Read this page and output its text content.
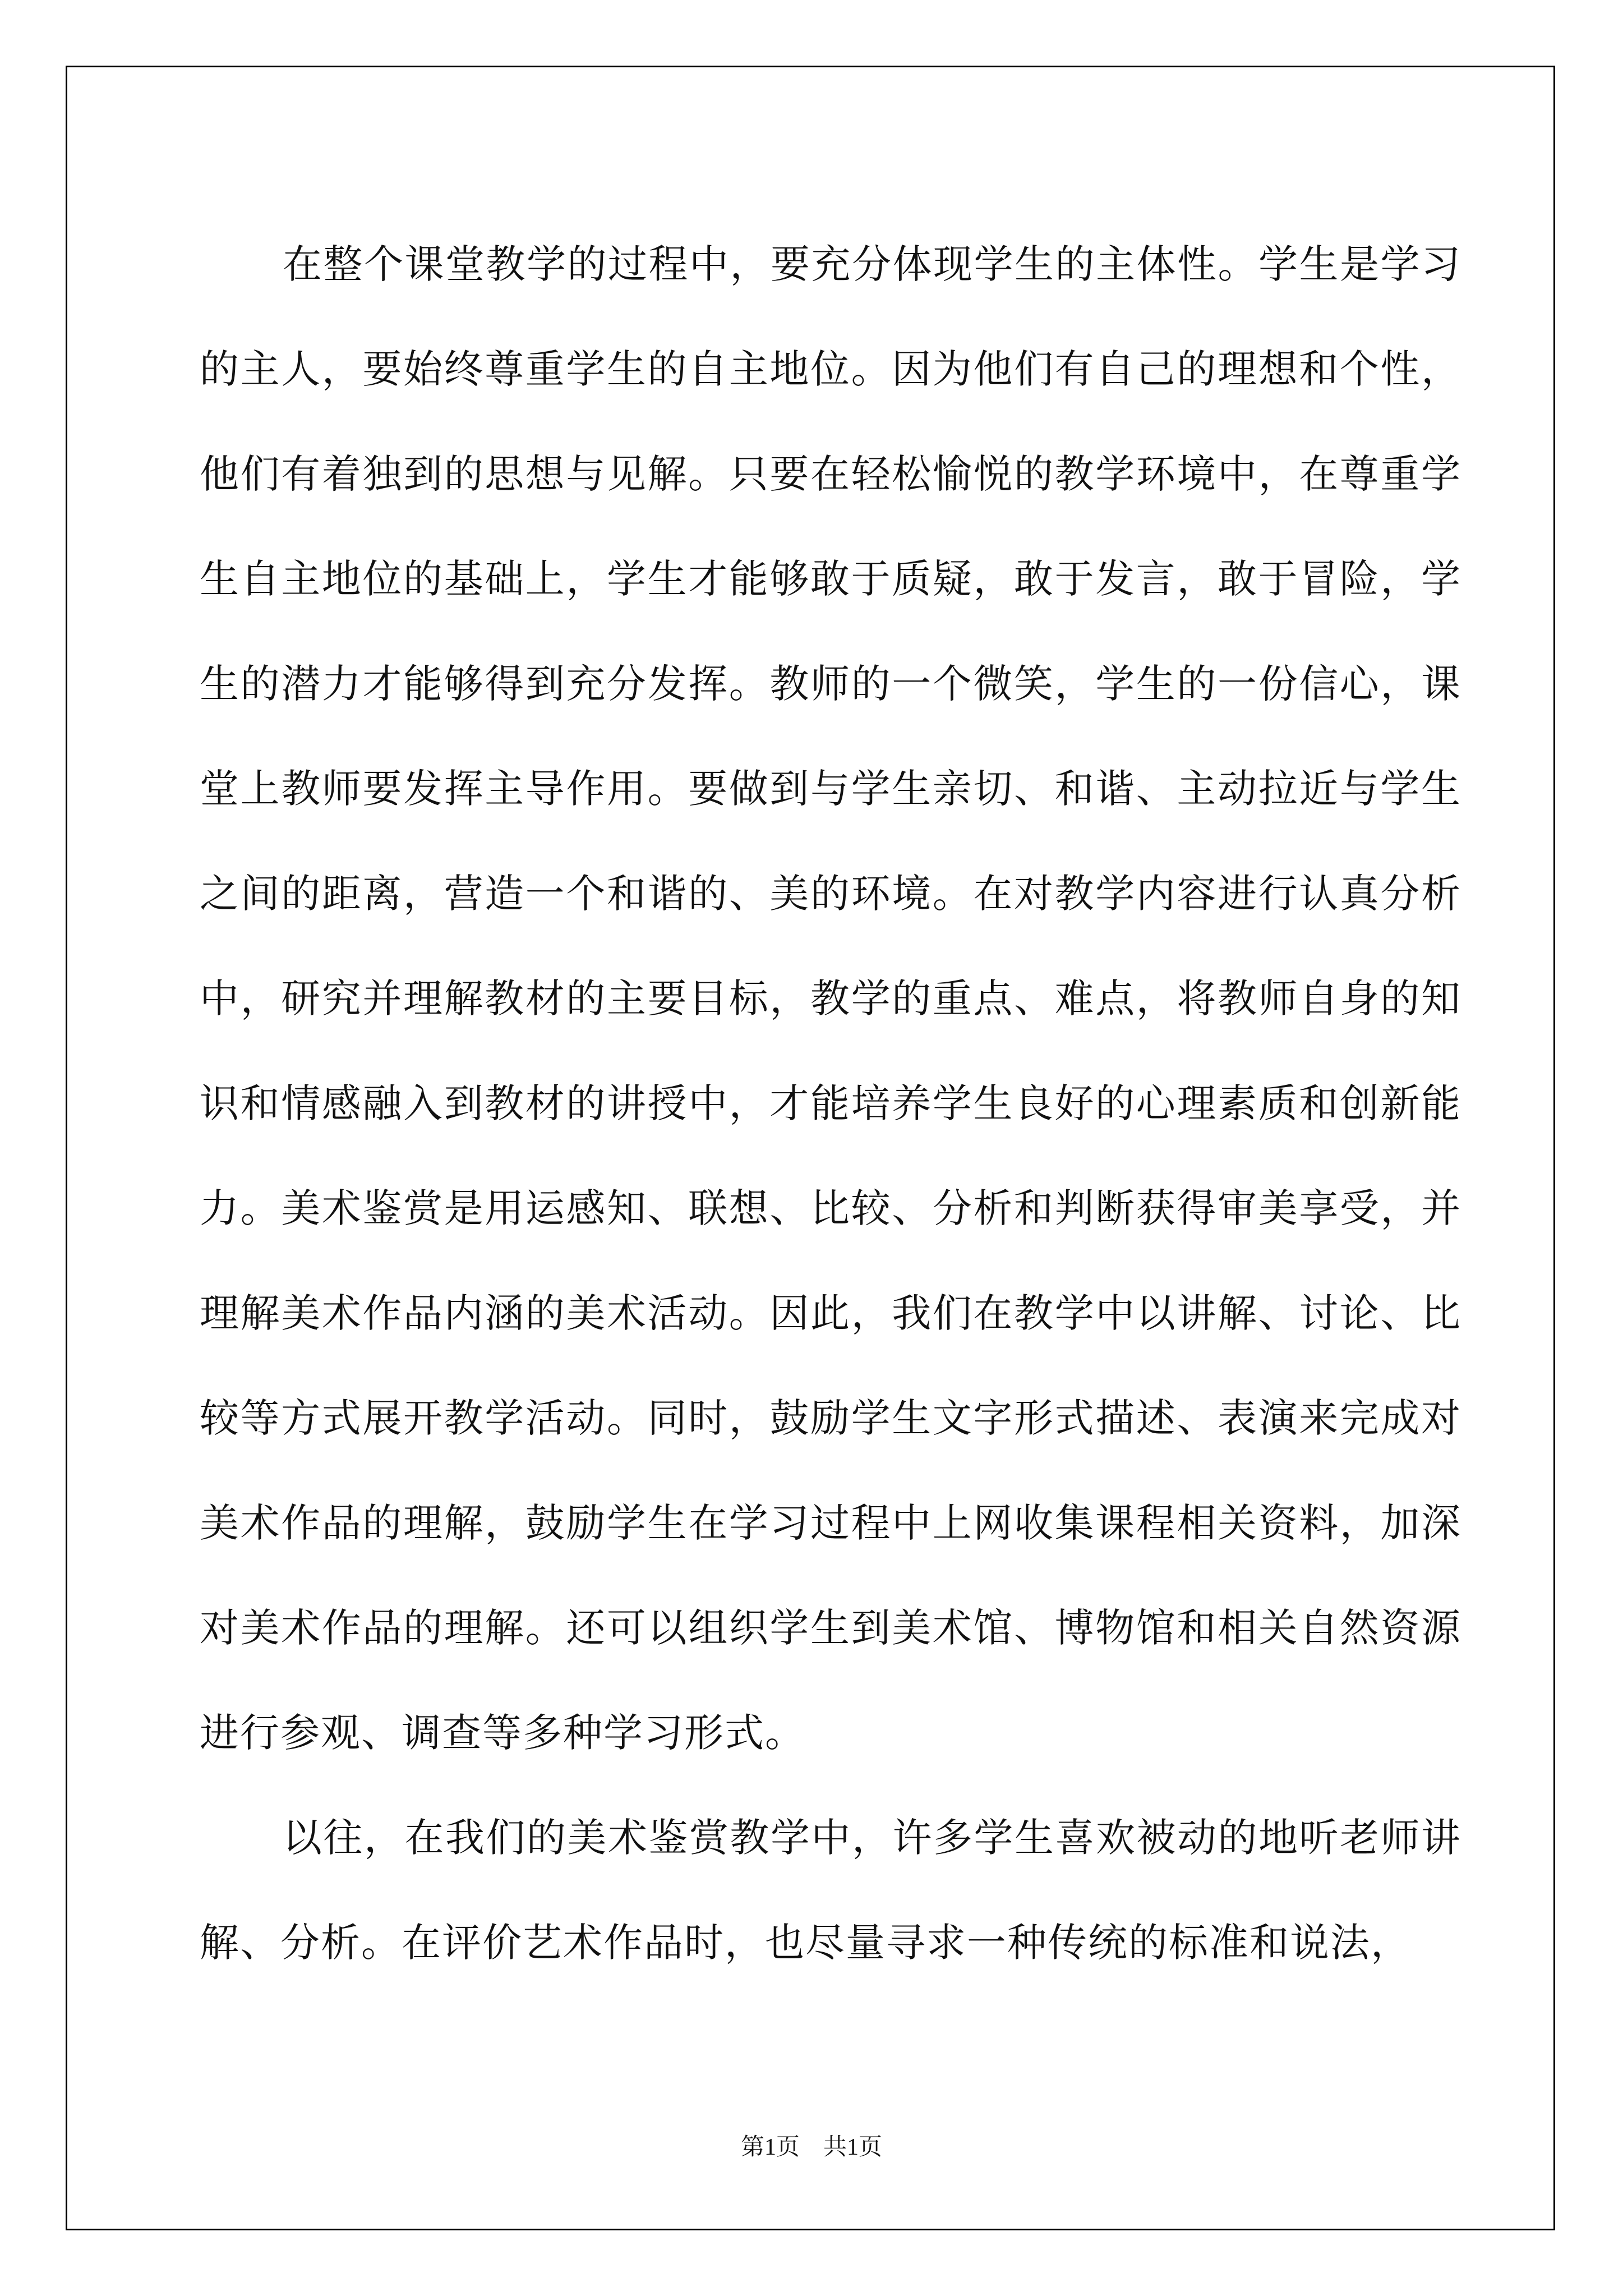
在整个课堂教学的过程中，要充分体现学生的主体性。学生是学习的主人，要始终尊重学生的自主地位。因为他们有自己的理想和个性，他们有着独到的思想与见解。只要在轻松愉悦的教学环境中，在尊重学生自主地位的基础上，学生才能够敢于质疑，敢于发言，敢于冒险，学生的潜力才能够得到充分发挥。教师的一个微笑，学生的一份信心，课堂上教师要发挥主导作用。要做到与学生亲切、和谐、主动拉近与学生之间的距离，营造一个和谐的、美的环境。在对教学内容进行认真分析中，研究并理解教材的主要目标，教学的重点、难点，将教师自身的知识和情感融入到教材的讲授中，才能培养学生良好的心理素质和创新能力。美术鉴赏是用运感知、联想、比较、分析和判断获得审美享受，并理解美术作品内涵的美术活动。因此，我们在教学中以讲解、讨论、比较等方式展开教学活动。同时，鼓励学生文字形式描述、表演来完成对美术作品的理解，鼓励学生在学习过程中上网收集课程相关资料，加深对美术作品的理解。还可以组织学生到美术馆、博物馆和相关自然资源进行参观、调查等多种学习形式。

以往，在我们的美术鉴赏教学中，许多学生喜欢被动的地听老师讲解、分析。在评价艺术作品时，也尽量寻求一种传统的标准和说法，

第1页　共1页
